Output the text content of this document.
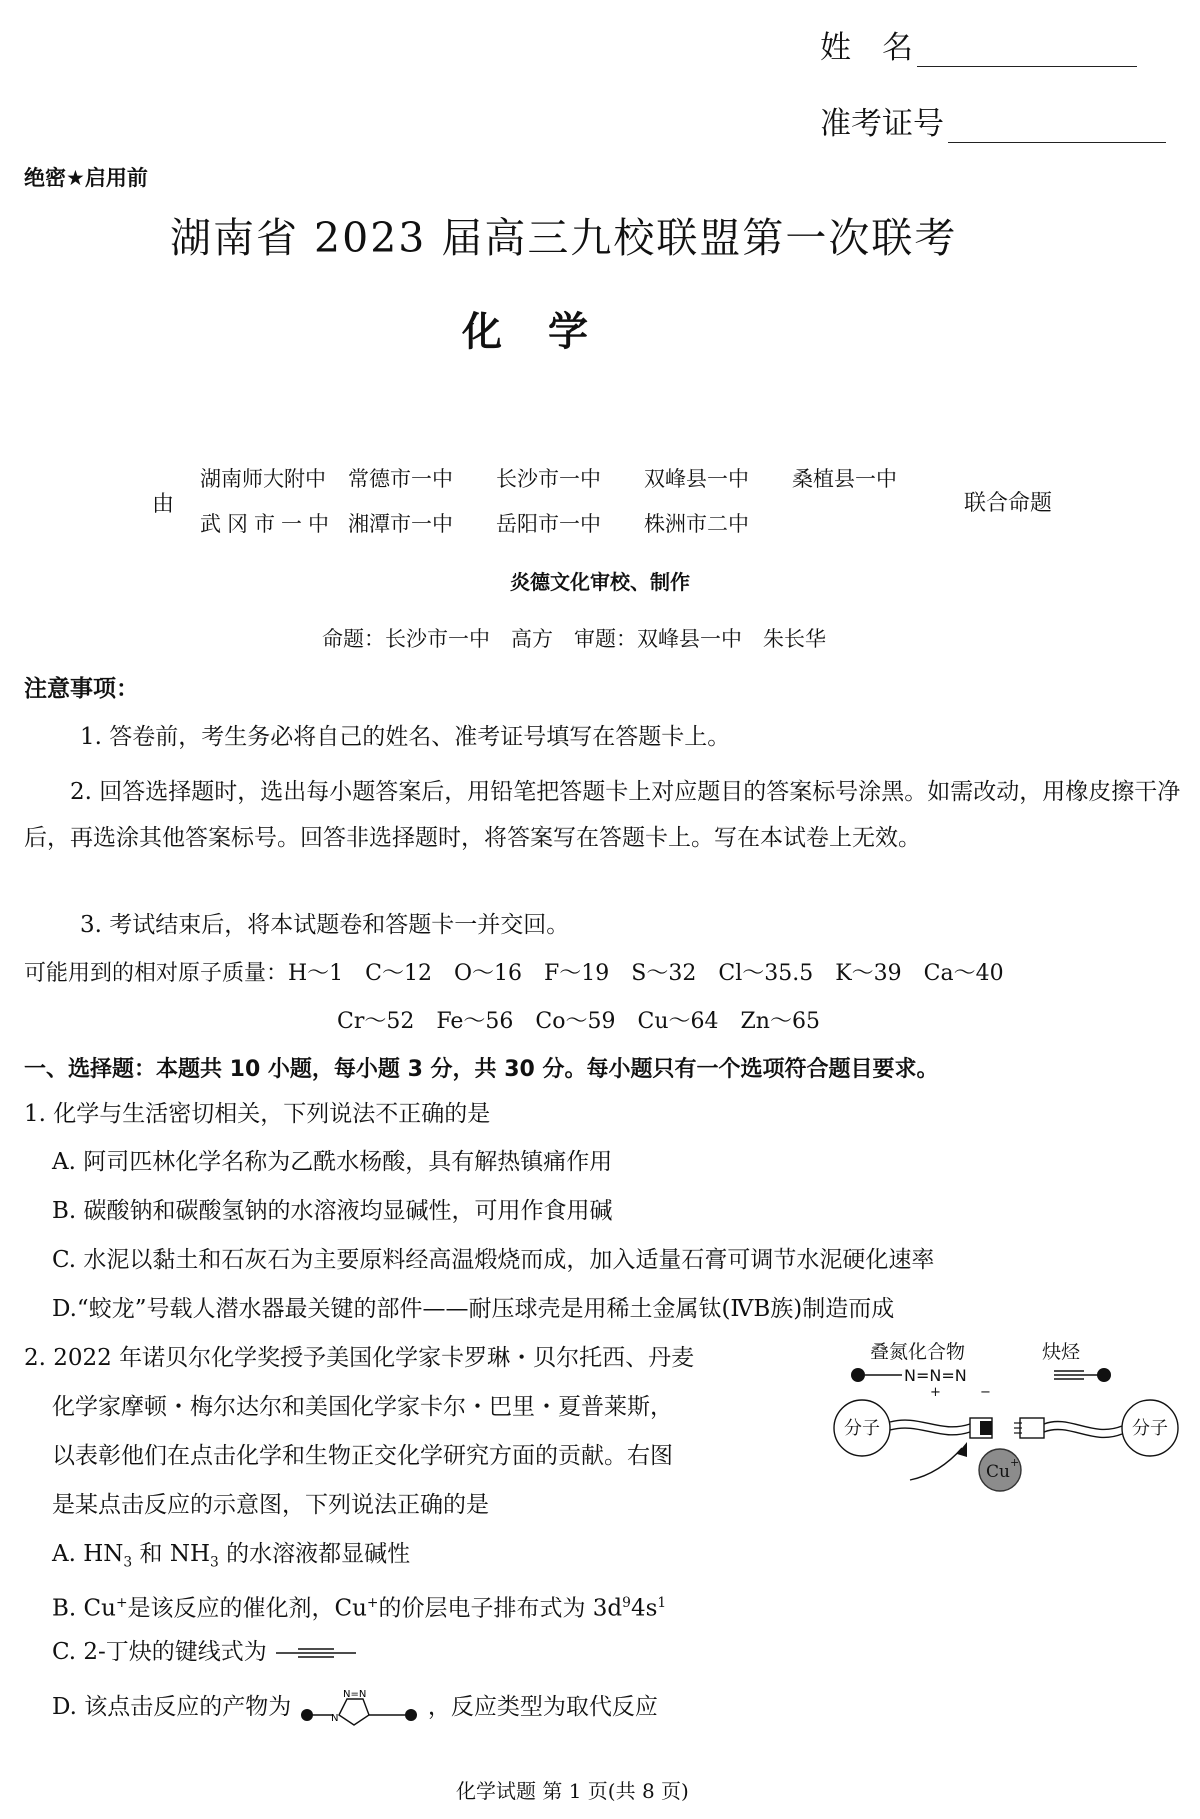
姓　名
准考证号
绝密★启用前
湖南省 2023 届高三九校联盟第一次联考
化学
由
湖南师大附中 常德市一中 长沙市一中 双峰县一中 桑植县一中
武冈市一中 湘潭市一中 岳阳市一中 株洲市二中
联合命题
炎德文化审校、制作
命题：长沙市一中　高方　审题：双峰县一中　朱长华
注意事项：
1. 答卷前，考生务必将自己的姓名、准考证号填写在答题卡上。
2. 回答选择题时，选出每小题答案后，用铅笔把答题卡上对应题目的答案标号涂黑。如需改动，用橡皮擦干净后，再选涂其他答案标号。回答非选择题时，将答案写在答题卡上。写在本试卷上无效。
3. 考试结束后，将本试题卷和答题卡一并交回。
可能用到的相对原子质量：H～1　C～12　O～16　F～19　S～32　Cl～35.5　K～39　Ca～40
Cr～52　Fe～56　Co～59　Cu～64　Zn～65
一、选择题：本题共 10 小题，每小题 3 分，共 30 分。每小题只有一个选项符合题目要求。
1. 化学与生活密切相关，下列说法不正确的是
A. 阿司匹林化学名称为乙酰水杨酸，具有解热镇痛作用
B. 碳酸钠和碳酸氢钠的水溶液均显碱性，可用作食用碱
C. 水泥以黏土和石灰石为主要原料经高温煅烧而成，加入适量石膏可调节水泥硬化速率
D.“蛟龙”号载人潜水器最关键的部件——耐压球壳是用稀土金属钛(ⅣB族)制造而成
2. 2022 年诺贝尔化学奖授予美国化学家卡罗琳・贝尔托西、丹麦
化学家摩顿・梅尔达尔和美国化学家卡尔・巴里・夏普莱斯，
以表彰他们在点击化学和生物正交化学研究方面的贡献。右图
是某点击反应的示意图，下列说法正确的是
A. $HN_3$ 和 $NH_3$ 的水溶液都显碱性
B. Cu+是该反应的催化剂，Cu+的价层电子排布式为 $3d^94s^1$
C. 2-丁炔的键线式为
D. 该点击反应的产物为	N=N
N	，反应类型为取代反应
叠氮化合物	炔烃
N=N=N
+	−
分子	分子
Cu +
化学试题 第 1 页(共 8 页)
